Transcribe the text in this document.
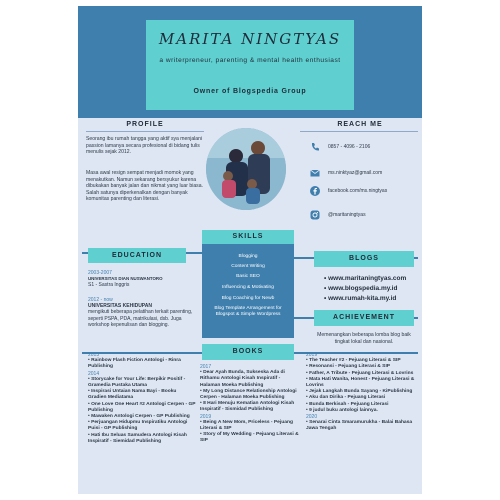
MARITA NINGTYAS
a writerpreneur, parenting & mental health enthusiast
Owner of Blogspedia Group
PROFILE
Seorang ibu rumah tangga yang aktif sya menjalani passion lamanya secara profesional di bidang tulis menulis sejak 2012.
Masa awal resign sempat menjadi momok yang menakutkan. Namun sekarang bersyukur karena dibukakan banyak jalan dan nikmat yang luar biasa. Salah satunya diperkenalkan dengan banyak komunitas parenting dan literasi.
REACH ME
0857 - 4096 - 2106
ms.ninktyaz@gmail.com
facebook.com/ms.ningtyas
@maritaningtyas
SKILLS
Blogging
Content Writing
Basic SEO
Influencing & Motivating
Blog Coaching for Newb
Blog Template Arrangement for Blogspot & Simple Wordpress
EDUCATION
2003-2007
UNIVERSITAS DIAN NUSWANTORO
S1 - Sastra Inggris
2012 - now
UNIVERSITAS KEHIDUPAN
mengikuti beberapa pelatihan terkait parenting, seperti PSPA, PDA, matrikulasi, dsb. Juga workshop kepenulisan dan blogging.
BLOGS
• www.maritaningtyas.com
• www.blogspedia.my.id
• www.rumah-kita.my.id
ACHIEVEMENT
Memenangkan beberapa lomba blog baik tingkat lokal dan nasional.
BOOKS
2013
• Rainbow Flash Fiction Antologi - Rinra Publishing
2014
• Storycake for Your Life: Berpikir Positif - Gramedia Pustaka Utama
• Inspirasi Untaian Nama Bayi - Booku Gradien Mediatama
• One Love One Heart #2 Antologi Cerpen - GP Publishing
• Mawaken Antologi Cerpen - GP Publishing
• Perjuangan Hidupmu Inspiratiku Antologi Puisi - GP Publishing
• Hati Ibu Seluas Samudera Antologi Kisah Inspiratif - Siemidad Publishing
2017
• Dear Ayah Bunda, Sukseska Ada di Rithamu Antologi Kisah Inspiratif - Halaman Moeka Publishing
• My Long Distance Relationship Antologi Cerpen - Halaman Moeka Publishing
• 8 Hari Menuju Kematian Antologi Kisah Inspiratif - Sismidad Publishing
2019
• Being A New Mom, Priceless - Pejuang Literasi & SIP
• Story of My Wedding - Pejuang Literasi & SIP
2019
• The Teacher #2 - Pejuang Literasi & SIP
• Resonansi - Pejuang Literasi & SIP
• Father, A Tribute - Pejuang Literasi & Lovrins
• Mata Hati Wanita, Honest - Pejuang Literasi & Lovrins
• Jejak Langkah Bunda Sayang - KiPublishing
• Aku dan Dirika - Pejuang Literasi
• Bunda Berkisah - Pejuang Literasi
• 9 judul buku antologi lainnya.
2020
• Senarai Cinta Smaramurukha - Balai Bahasa Jawa Tengah
